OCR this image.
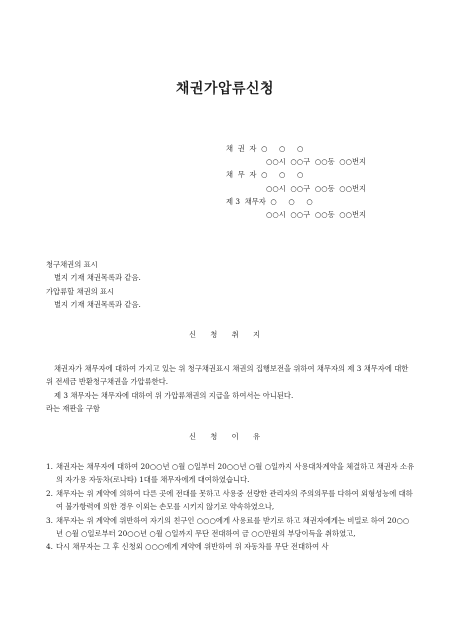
채권가압류신청
채  권  자  ○     ○     ○
○○시  ○○구  ○○동  ○○번지
채  무  자  ○     ○     ○
○○시  ○○구  ○○동  ○○번지
제 3  채무자  ○     ○     ○
○○시  ○○구  ○○동  ○○번지
청구채권의 표시
별지 기재 채권목록과 같음.
가압류할 채권의 표시
별지 기재 채권목록과 같음.
신    청    취    지

채권자가 채무자에 대하여 가지고 있는 위 청구채권표시 채권의 집행보전을 위하여 채무자의 제 3 채무자에 대한 위 전세금 반환청구채권을 가압류한다.

제 3 채무자는 채무자에 대하여 위 가압류채권의 지급을 하여서는 아니된다.

라는 재판을 구함

신    청    이    유
1. 채권자는 채무자에 대하여 20○○년 ○월 ○일부터 20○○년 ○월 ○일까지 사용대차계약을 체결하고 채권자 소유의 자가용 자동차(로나타) 1대를 채무자에게 대여하였습니다.
2. 채무자는 위 계약에 의하여 다른 곳에 전대를 못하고 사용중 선량한 관리자의 주의의무를 다하여 외형성능에 대하여 불가항력에 의한 경우 이외는 손모를 시키지 않기로 약속하였으나,
3. 채무자는 위 계약에 위반하여 자기의 친구인 ○○○에게 사용료를 받기로 하고 채권자에게는 비밀로 하여 20○○년 ○월 ○일로부터 20○○년 ○월 ○일까지 무단 전대하여 금 ○○만원의 부당이득을 취하였고,
4. 다시 채무자는 그 후 신청외 ○○○에게 계약에 위반하여 위 자동차를 무단 전대하여 사
